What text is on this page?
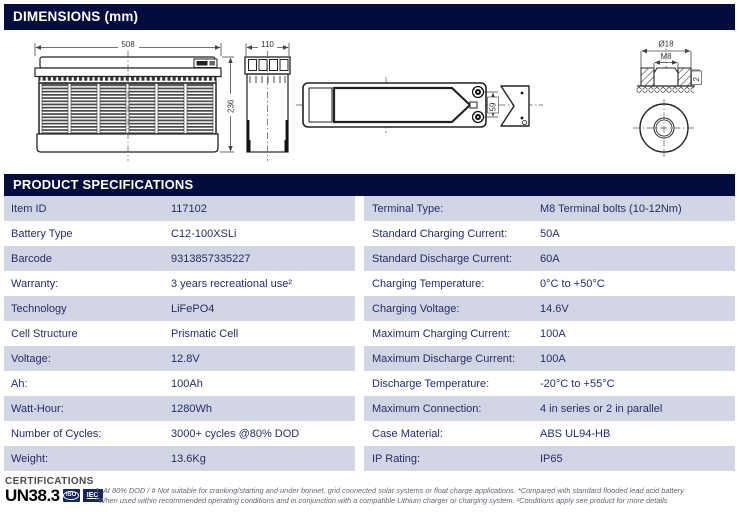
DIMENSIONS (mm)
508
236
110
59
Ø18
M8
2
PRODUCT SPECIFICATIONS
Item ID	117102
Battery Type	C12-100XSLi
Barcode	9313857335227
Warranty:	3 years recreational use²
Technology	LiFePO4
Cell Structure	Prismatic Cell
Voltage:	12.8V
Ah:	100Ah
Watt-Hour:	1280Wh
Number of Cycles:	3000+ cycles @80% DOD
Weight:	13.6Kg
Terminal Type:	M8 Terminal bolts (10-12Nm)
Standard Charging Current:	50A
Standard Discharge Current:	60A
Charging Temperature:	0°C to +50°C
Charging Voltage:	14.6V
Maximum Charging Current:	100A
Maximum Discharge Current:	100A
Discharge Temperature:	-20°C to +55°C
Maximum Connection:	4 in series or 2 in parallel
Case Material:	ABS UL94-HB
IP Rating:	IP65
CERTIFICATIONS
UN38.3	ISO	IEC
1. At 80% DOD / # Not suitable for cranking/starting and under bonnet, grid connected solar systems or float charge applications. *Compared with standard flooded lead acid battery.
^When used within recommended operating conditions and in conjunction with a compatible Lithium charger or charging system. ²Conditions apply see product for more details
